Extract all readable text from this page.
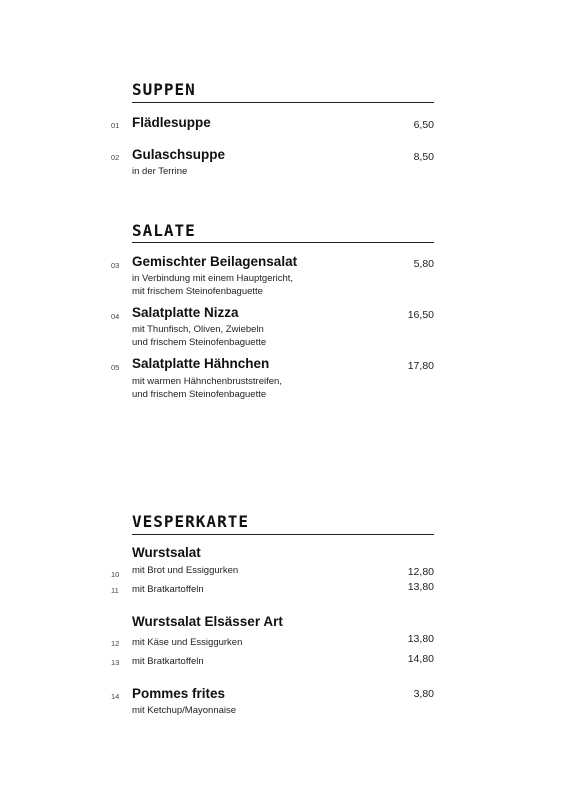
SUPPEN
01 Flädlesuppe	6,50
02 Gulaschsuppe	8,50
in der Terrine
SALATE
03 Gemischter Beilagensalat	5,80
in Verbindung mit einem Hauptgericht,
mit frischem Steinofenbaguette
04 Salatplatte Nizza	16,50
mit Thunfisch, Oliven, Zwiebeln
und frischem Steinofenbaguette
05 Salatplatte Hähnchen	17,80
mit warmen Hähnchenbruststreifen,
und frischem Steinofenbaguette
VESPERKARTE
Wurstsalat
10	mit Brot und Essiggurken	12,80
11	mit Bratkartoffeln	13,80
Wurstsalat Elsässer Art
12	mit Käse und Essiggurken	13,80
13	mit Bratkartoffeln	14,80
14 Pommes frites	3,80
mit Ketchup/Mayonnaise
